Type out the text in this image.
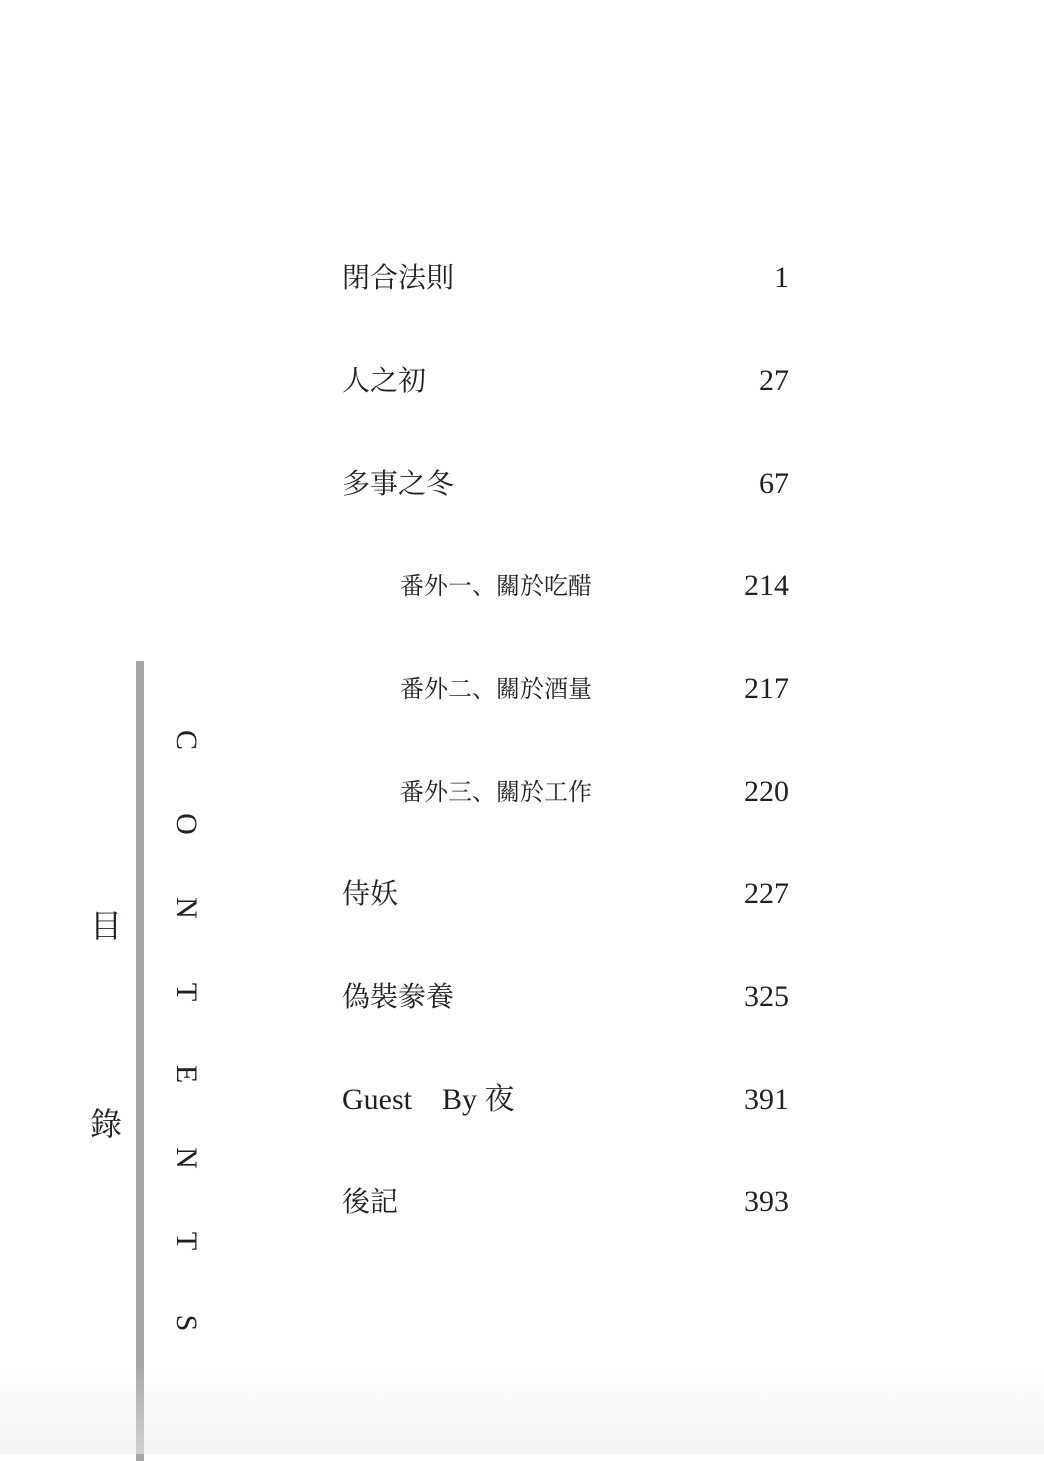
目
錄
C
O
N
T
E
N
T
S
閉合法則	1
人之初	27
多事之冬	67
番外一、關於吃醋	214
番外二、關於酒量	217
番外三、關於工作	220
侍妖	227
偽裝豢養	325
Guest　By 夜	391
後記	393
